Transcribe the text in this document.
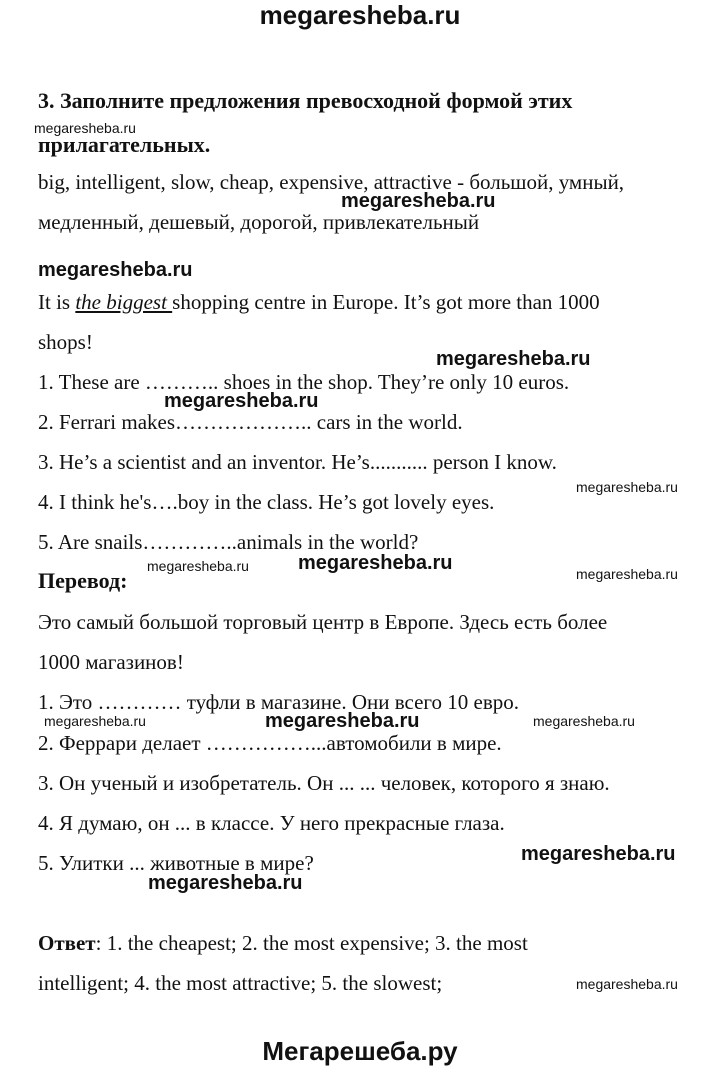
megaresheba.ru
3. Заполните предложения превосходной формой этих
megaresheba.ru
прилагательных.
big, intelligent, slow, cheap, expensive, attractive - большой, умный,
megaresheba.ru
медленный, дешевый, дорогой, привлекательный
megaresheba.ru
It is the biggest shopping centre in Europe. It’s got more than 1000
shops!
megaresheba.ru
1. These are ……….. shoes in the shop. They’re only 10 euros.
megaresheba.ru
2. Ferrari makes……………….. cars in the world.
3. He’s a scientist and an inventor. He’s........... person I know.
megaresheba.ru
4. I think he's….boy in the class. He’s got lovely eyes.
5. Are snails…………..animals in the world?
Перевод:
megaresheba.ru megaresheba.ru	megaresheba.ru
Это самый большой торговый центр в Европе. Здесь есть более
1000 магазинов!
1. Это ………… туфли в магазине. Они всего 10 евро.
megaresheba.ru	megaresheba.ru	megaresheba.ru
2. Феррари делает ……………...автомобили в мире.
3. Он ученый и изобретатель. Он ... ... человек, которого я знаю.
4. Я думаю, он ... в классе. У него прекрасные глаза.
megaresheba.ru
5. Улитки ... животные в мире?
megaresheba.ru
Ответ: 1. the cheapest; 2. the most expensive; 3. the most
intelligent; 4. the most attractive; 5. the slowest;	megaresheba.ru
Мегарешеба.ру
